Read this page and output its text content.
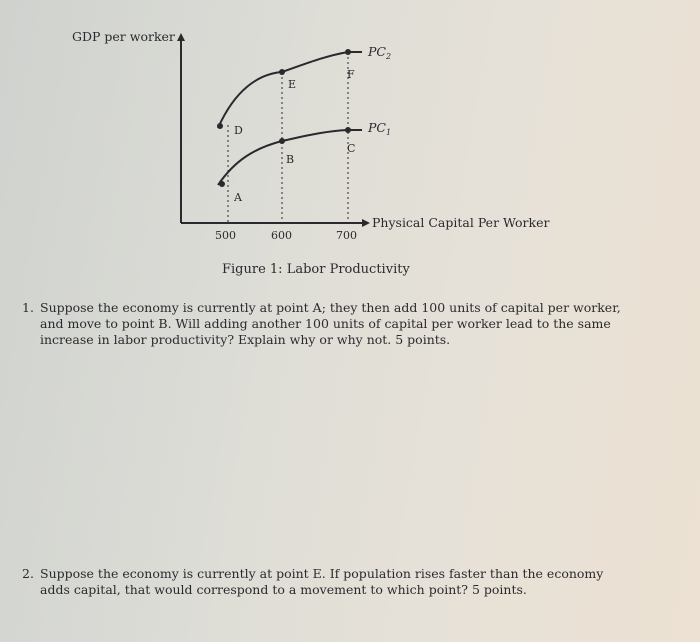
GDP per worker
Physical Capital Per Worker
500	600	700
$PC_2$
$PC_1$
A
B
C
D
E
F
Figure 1: Labor Productivity
1. Suppose the economy is currently at point A; they then add 100 units of capital per worker, and move to point B. Will adding another 100 units of capital per worker lead to the same increase in labor productivity? Explain why or why not. 5 points.
2. Suppose the economy is currently at point E. If population rises faster than the economy adds capital, that would correspond to a movement to which point? 5 points.
